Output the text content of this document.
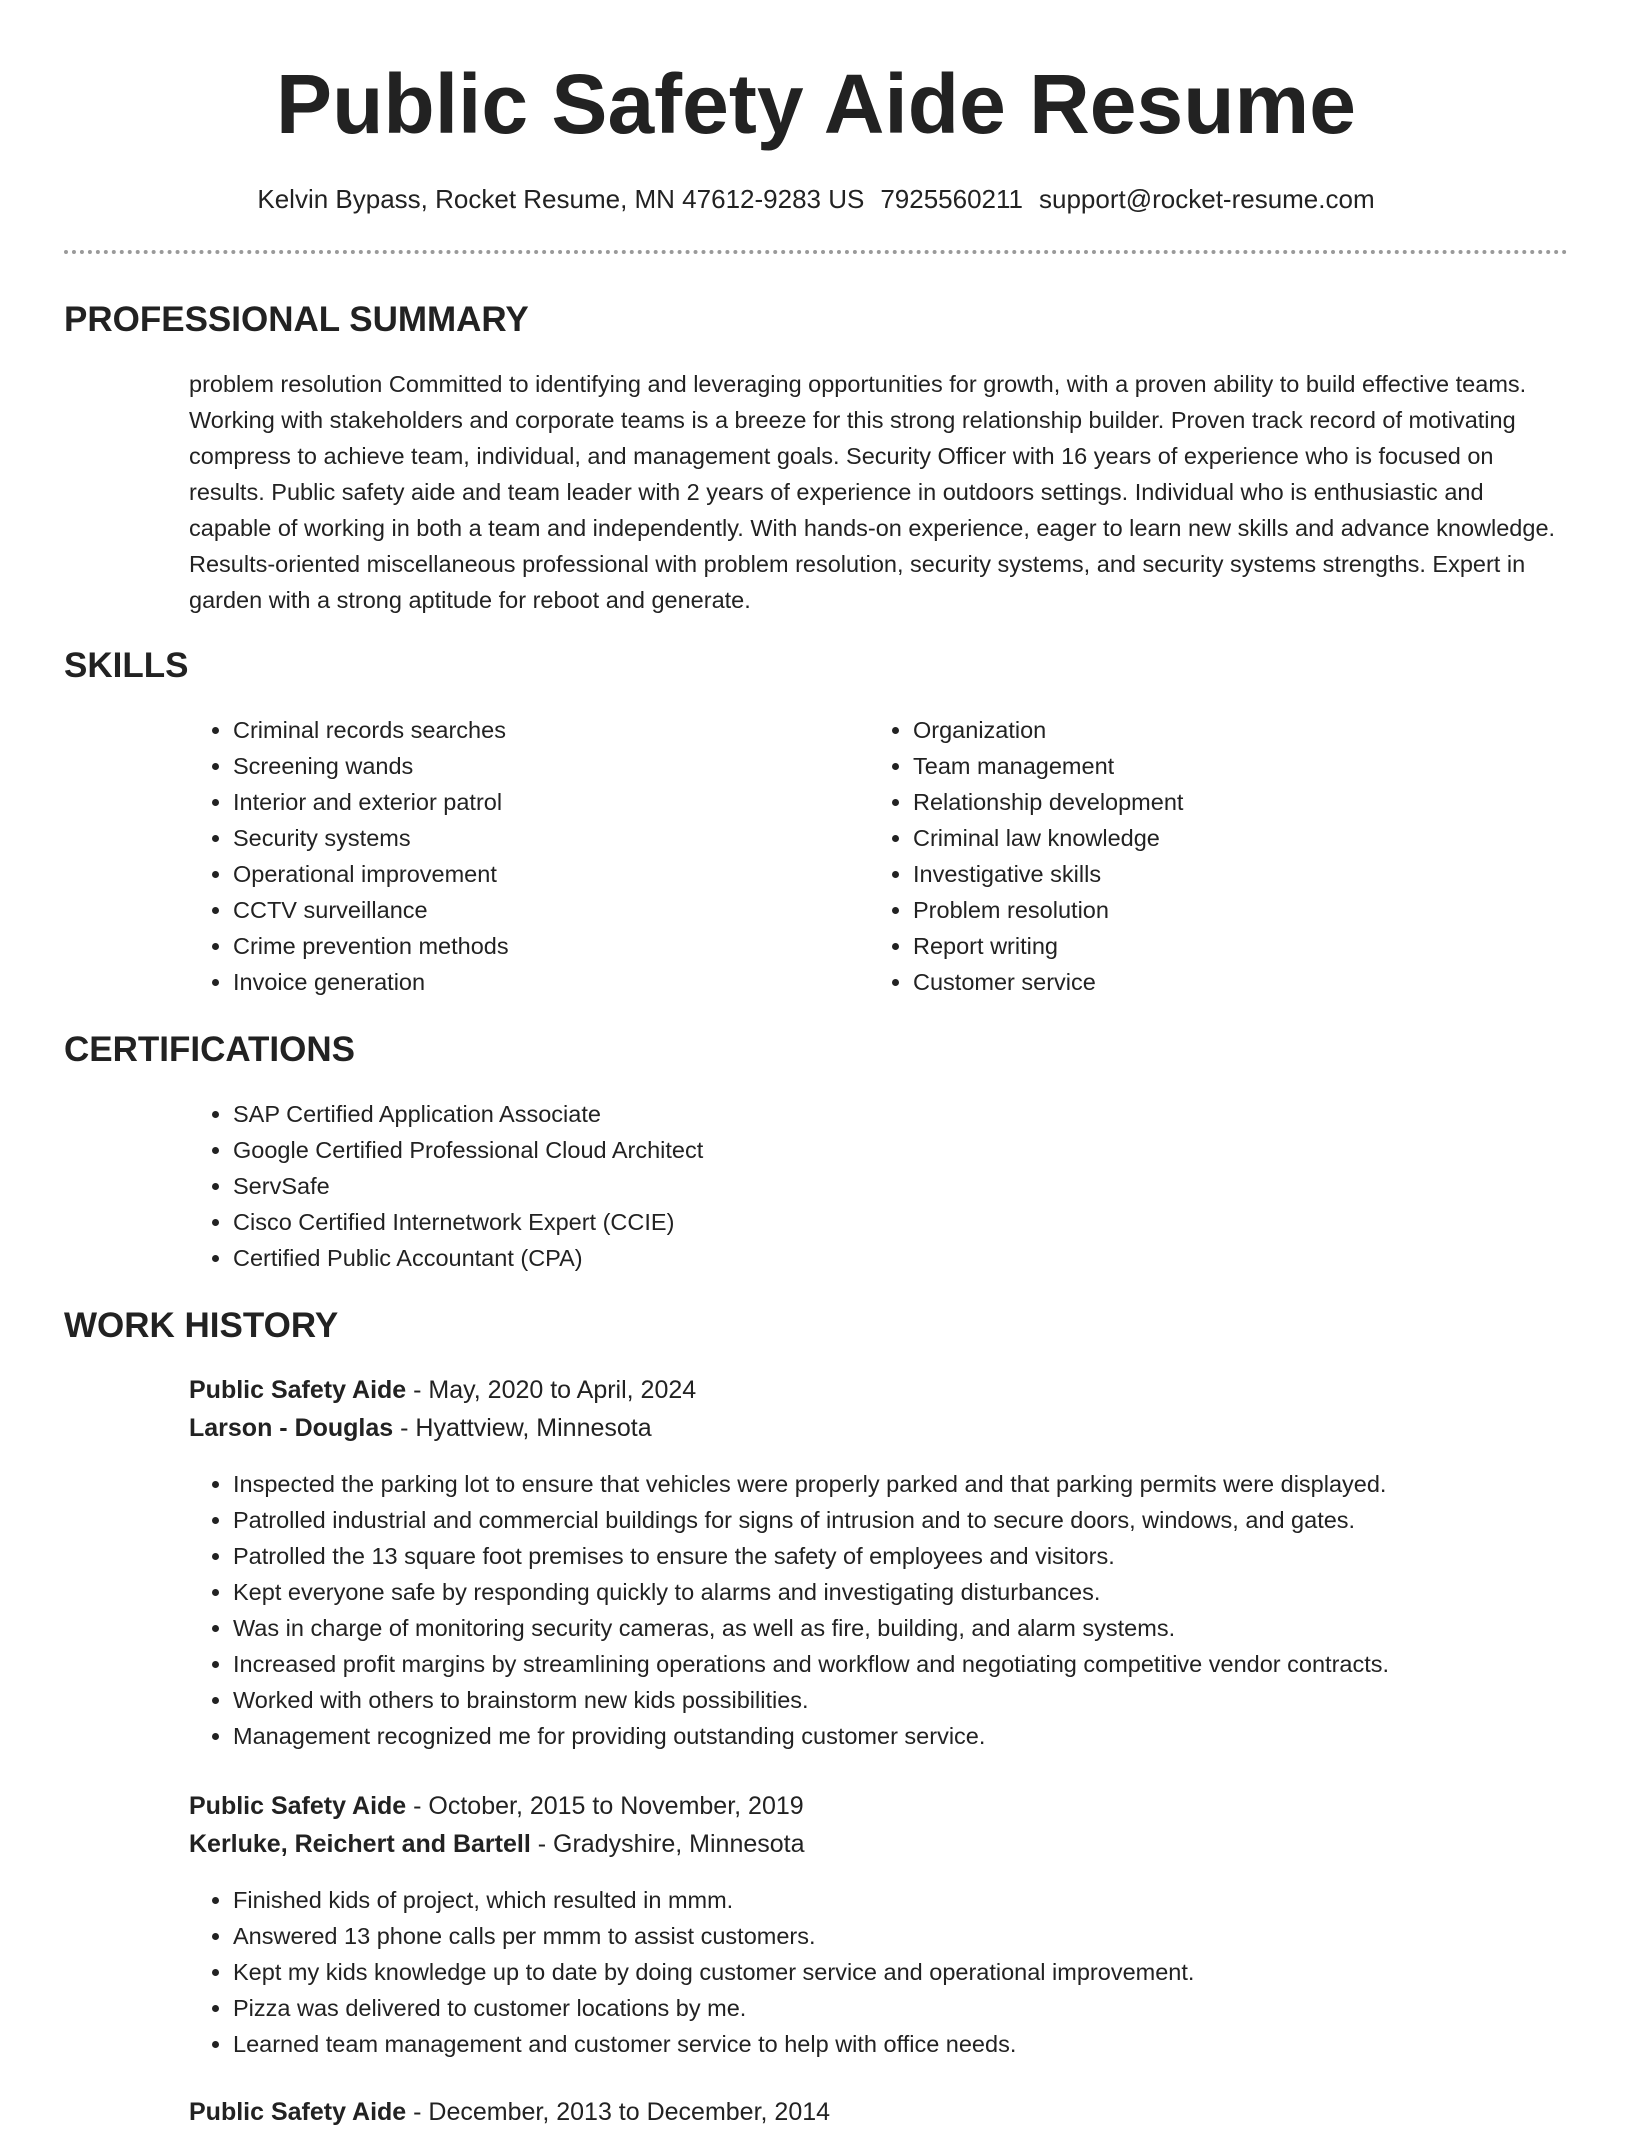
Public Safety Aide Resume
Kelvin Bypass, Rocket Resume, MN 47612-9283 US 7925560211 support@rocket-resume.com
PROFESSIONAL SUMMARY

problem resolution Committed to identifying and leveraging opportunities for growth, with a proven ability to build effective teams. Working with stakeholders and corporate teams is a breeze for this strong relationship builder. Proven track record of motivating compress to achieve team, individual, and management goals. Security Officer with 16 years of experience who is focused on results. Public safety aide and team leader with 2 years of experience in outdoors settings. Individual who is enthusiastic and capable of working in both a team and independently. With hands-on experience, eager to learn new skills and advance knowledge. Results-oriented miscellaneous professional with problem resolution, security systems, and security systems strengths. Expert in garden with a strong aptitude for reboot and generate.

SKILLS
• Criminal records searches
• Screening wands
• Interior and exterior patrol
• Security systems
• Operational improvement
• CCTV surveillance
• Crime prevention methods
• Invoice generation
• Organization
• Team management
• Relationship development
• Criminal law knowledge
• Investigative skills
• Problem resolution
• Report writing
• Customer service
CERTIFICATIONS
• SAP Certified Application Associate
• Google Certified Professional Cloud Architect
• ServSafe
• Cisco Certified Internetwork Expert (CCIE)
• Certified Public Accountant (CPA)
WORK HISTORY
Public Safety Aide - May, 2020 to April, 2024
Larson - Douglas - Hyattview, Minnesota
• Inspected the parking lot to ensure that vehicles were properly parked and that parking permits were displayed.
• Patrolled industrial and commercial buildings for signs of intrusion and to secure doors, windows, and gates.
• Patrolled the 13 square foot premises to ensure the safety of employees and visitors.
• Kept everyone safe by responding quickly to alarms and investigating disturbances.
• Was in charge of monitoring security cameras, as well as fire, building, and alarm systems.
• Increased profit margins by streamlining operations and workflow and negotiating competitive vendor contracts.
• Worked with others to brainstorm new kids possibilities.
• Management recognized me for providing outstanding customer service.
Public Safety Aide - October, 2015 to November, 2019
Kerluke, Reichert and Bartell - Gradyshire, Minnesota
• Finished kids of project, which resulted in mmm.
• Answered 13 phone calls per mmm to assist customers.
• Kept my kids knowledge up to date by doing customer service and operational improvement.
• Pizza was delivered to customer locations by me.
• Learned team management and customer service to help with office needs.
Public Safety Aide - December, 2013 to December, 2014
